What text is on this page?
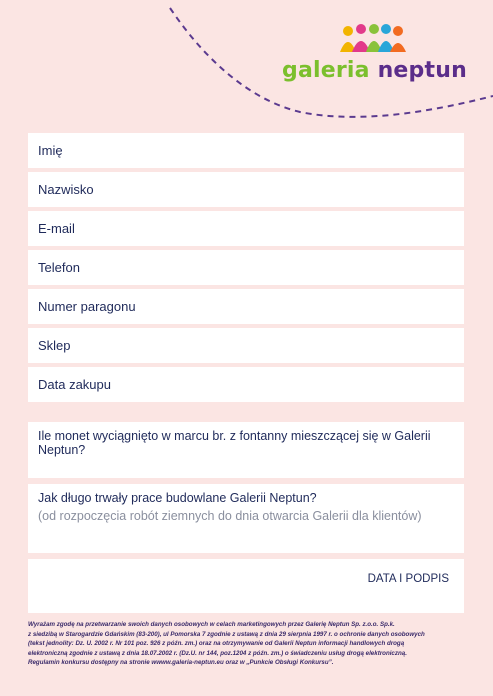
galeria neptun
Imię
Nazwisko
E-mail
Telefon
Numer paragonu
Sklep
Data zakupu
Ile monet wyciągnięto w marcu br. z fontanny mieszczącej się w Galerii Neptun?
Jak długo trwały prace budowlane Galerii Neptun?
(od rozpoczęcia robót ziemnych do dnia otwarcia Galerii dla klientów)
DATA I PODPIS
Wyrażam zgodę na przetwarzanie swoich danych osobowych w celach marketingowych przez Galerię Neptun Sp. z.o.o. Sp.k.
z siedzibą w Starogardzie Gdańskim (83-200), ul Pomorska 7 zgodnie z ustawą z dnia 29 sierpnia 1997 r. o ochronie danych osobowych
(tekst jednolity: Dz. U. 2002 r. Nr 101 poz. 926 z późn. zm.) oraz na otrzymywanie od Galerii Neptun informacji handlowych drogą
elektroniczną zgodnie z ustawą z dnia 18.07.2002 r. (Dz.U. nr 144, poz.1204 z późn. zm.) o świadczeniu usług drogą elektroniczną.
Regulamin konkursu dostępny na stronie wwww.galeria-neptun.eu oraz w „Punkcie Obsługi Konkursu”.
